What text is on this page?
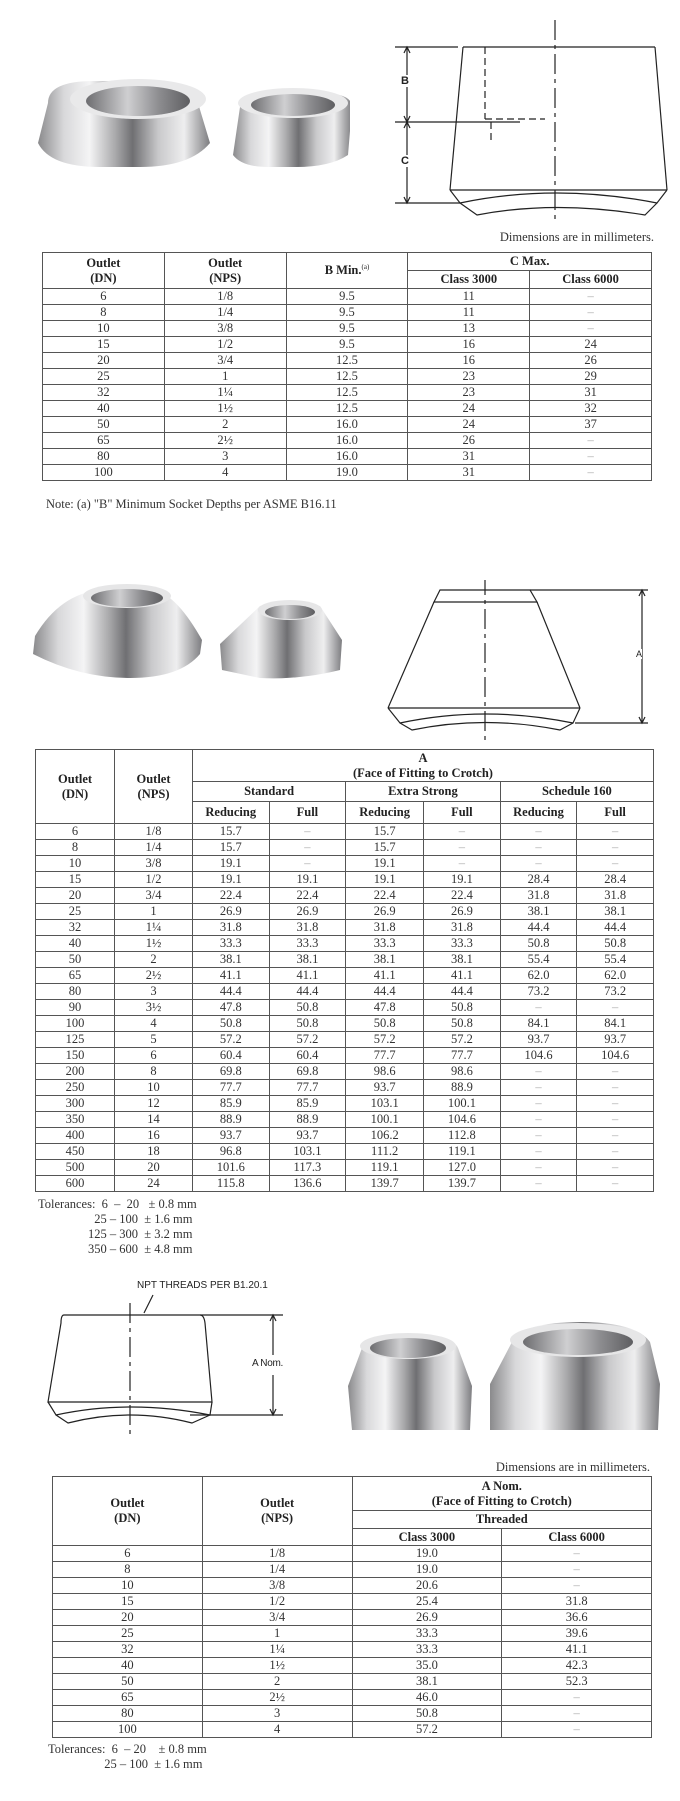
B
C
Dimensions are in millimeters.
Outlet
(DN)	Outlet
(NPS)	B Min.$^{(a)}$	C Max.	
			Class 3000	Class 6000
6	1/8	9.5	11	–
8	1/4	9.5	11	–
10	3/8	9.5	13	–
15	1/2	9.5	16	24
20	3/4	12.5	16	26
25	1	12.5	23	29
32	1¼	12.5	23	31
40	1½	12.5	24	32
50	2	16.0	24	37
65	2½	16.0	26	–
80	3	16.0	31	–
100	4	19.0	31	–
Note: (a) "B" Minimum Socket Depths per ASME B16.11
A
Outlet
(DN)	Outlet
(NPS)	A
(Face of Fitting to Crotch)					
		Standard		Extra Strong		Schedule 160	
		Reducing	Full	Reducing	Full	Reducing	Full
6	1/8	15.7	–	15.7	–	–	–
8	1/4	15.7	–	15.7	–	–	–
10	3/8	19.1	–	19.1	–	–	–
15	1/2	19.1	19.1	19.1	19.1	28.4	28.4
20	3/4	22.4	22.4	22.4	22.4	31.8	31.8
25	1	26.9	26.9	26.9	26.9	38.1	38.1
32	1¼	31.8	31.8	31.8	31.8	44.4	44.4
40	1½	33.3	33.3	33.3	33.3	50.8	50.8
50	2	38.1	38.1	38.1	38.1	55.4	55.4
65	2½	41.1	41.1	41.1	41.1	62.0	62.0
80	3	44.4	44.4	44.4	44.4	73.2	73.2
90	3½	47.8	50.8	47.8	50.8	–	–
100	4	50.8	50.8	50.8	50.8	84.1	84.1
125	5	57.2	57.2	57.2	57.2	93.7	93.7
150	6	60.4	60.4	77.7	77.7	104.6	104.6
200	8	69.8	69.8	98.6	98.6	–	–
250	10	77.7	77.7	93.7	88.9	–	–
300	12	85.9	85.9	103.1	100.1	–	–
350	14	88.9	88.9	100.1	104.6	–	–
400	16	93.7	93.7	106.2	112.8	–	–
450	18	96.8	103.1	111.2	119.1	–	–
500	20	101.6	117.3	119.1	127.0	–	–
600	24	115.8	136.6	139.7	139.7	–	–
Tolerances:  6  –  20   ± 0.8 mm
25 – 100  ± 1.6 mm
125 – 300  ± 3.2 mm
350 – 600  ± 4.8 mm
NPT THREADS PER B1.20.1
A Nom.
Dimensions are in millimeters.
Outlet
(DN)	Outlet
(NPS)	A Nom.
(Face of Fitting to Crotch)	
		Threaded	
		Class 3000	Class 6000
6	1/8	19.0	–
8	1/4	19.0	–
10	3/8	20.6	–
15	1/2	25.4	31.8
20	3/4	26.9	36.6
25	1	33.3	39.6
32	1¼	33.3	41.1
40	1½	35.0	42.3
50	2	38.1	52.3
65	2½	46.0	–
80	3	50.8	–
100	4	57.2	–
Tolerances:  6  – 20    ± 0.8 mm
25 – 100  ± 1.6 mm
